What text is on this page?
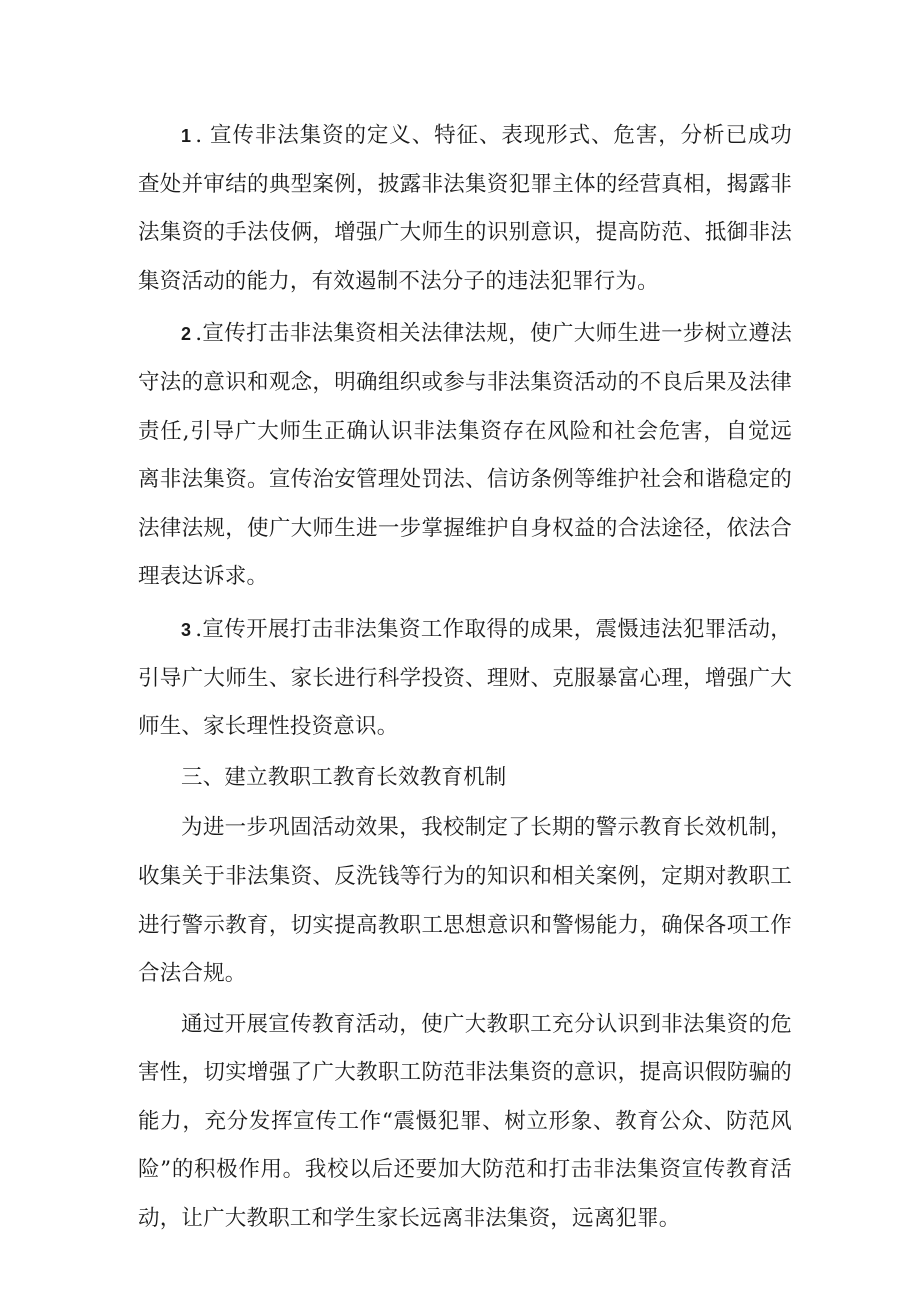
1 . 宣传非法集资的定义、特征、表现形式、危害，分析已成功查处并审结的典型案例，披露非法集资犯罪主体的经营真相，揭露非法集资的手法伎俩，增强广大师生的识别意识，提高防范、抵御非法集资活动的能力，有效遏制不法分子的违法犯罪行为。

2 .宣传打击非法集资相关法律法规，使广大师生进一步树立遵法守法的意识和观念，明确组织或参与非法集资活动的不良后果及法律责任,引导广大师生正确认识非法集资存在风险和社会危害，自觉远离非法集资。宣传治安管理处罚法、信访条例等维护社会和谐稳定的法律法规，使广大师生进一步掌握维护自身权益的合法途径，依法合理表达诉求。

3 .宣传开展打击非法集资工作取得的成果，震慑违法犯罪活动，引导广大师生、家长进行科学投资、理财、克服暴富心理，增强广大师生、家长理性投资意识。

三、建立教职工教育长效教育机制

为进一步巩固活动效果，我校制定了长期的警示教育长效机制，收集关于非法集资、反洗钱等行为的知识和相关案例，定期对教职工进行警示教育，切实提高教职工思想意识和警惕能力，确保各项工作合法合规。

通过开展宣传教育活动，使广大教职工充分认识到非法集资的危害性，切实增强了广大教职工防范非法集资的意识，提高识假防骗的能力，充分发挥宣传工作“震慑犯罪、树立形象、教育公众、防范风险”的积极作用。我校以后还要加大防范和打击非法集资宣传教育活动，让广大教职工和学生家长远离非法集资，远离犯罪。
